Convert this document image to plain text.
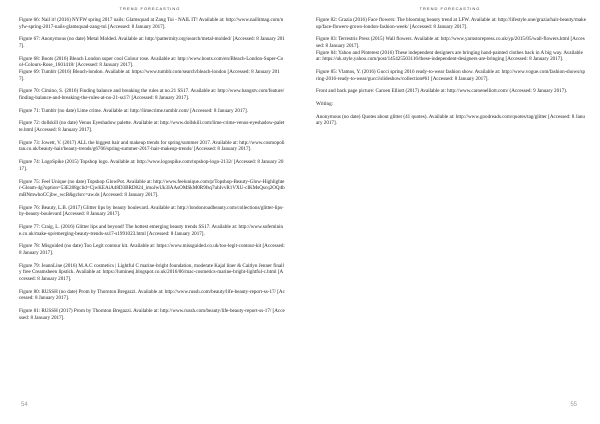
TREND FORECASTING

Figure 66: Nail it! (2016) NYFW spring 2017 nails: Glamsquad at Zang Toi - NAIL IT! Available at: http://www.nailitmag.com/nyfw-spring-2017-nails-glamsquad-zang-toi [Accessed: 8 January 2017].

Figure 67: Anonymous (no date) Metal Molded. Available at: http://pattermity.org/search/metal-molded/ [Accessed: 8 January 2017].

Figure 68: Boots (2016) Bleach London super cool Colour rose. Available at: http://www.boots.com/en/Bleach-London-Super-Cool-Colours-Rose_1601418/ [Accessed: 8 January 2017].

Figure 69: Tumblr (2016) Bleach-london. Available at: https://www.tumblr.com/search/bleach-london [Accessed: 8 January 2017].

Figure 70: Cimino, S. (2016) Finding balance and breaking the rules at no.21 SS17. Available at: http://www.bangstv.com/feature/finding-balance-and-breaking-the-rules-at-no-21-ss17/ [Accessed: 8 January 2017].

Figure 71: Tumblr (no date) Lime crime. Available at: http://limecrime.tumblr.com/ [Accessed: 8 January 2017].

Figure 72: dollskill (no date) Venus Eyeshadow palette. Available at: http://www.dollskill.com/lime-crime-venus-eyeshadow-palette.html [Accessed: 8 January 2017].

Figure 73: Jowett, V. (2017) ALL the biggest hair and makeup trends for spring/summer 2017. Available at: http://www.cosmopolitan.co.uk/beauty-hair/beauty-trends/g6706/spring-summer-2017-hair-makeup-trends/ [Accessed: 8 January 2017].

Figure 74: LogoSpike (2015) Topshop logo. Available at: http://www.logospike.com/topshop-logo-2132/ [Accessed: 8 January 2017].

Figure 75: Feel Unique (no date) Topshop GlowPot. Available at: http://www.feelunique.com/p/Topshop-Beauty-Glow-Highlighter-Gleam-4g?option=53E288gclid=CjwKEAiA48D3BRD824_imoJwUk3IAAsOMSkM0R9fsq7uhIvvR1VXU-cIKMsQscq2OQ4bmBNmwhoCCjbw_wcB&gclsrc=aw.ds [Accessed: 8 January 2017].

Figure 76: Beauty, L.B. (2017) Glitter lips by beauty boulevard. Available at: http://londonroadbeauty.com/collections/glitter-lips-by-beauty-boulevard [Accessed: 8 January 2017].

Figure 77: Craig, L. (2016) Glitter lips and beyond! The hottest emerging beauty trends SS17. Available at: http://www.sofeminine.co.uk/make-up/emerging-beauty-trends-ss17-s1991023.html [Accessed: 8 January 2017].

Figure 78: Misguided (no date) Too Legit contour kit. Available at: https://www.missguided.co.uk/too-legit-contour-kit [Accessed: 8 January 2017].

Figure 79: JeannLine (2016) M.A.C cosmetics | Lightful C marine-bright foundation, moderate Kajal liner & Caitlyn Jenner finally free Creamsheen lipstick. Available at: https://luminesj.blogspot.co.uk/2016/06/mac-cosmetics-marine-bright-lightful-c.html [Accessed: 8 January 2017].

Figure 80: RUSSH (no date) Prom by Thornton Bregazzi. Available at: http://www.russh.com/beauty/life-beauty-report-ss-17/ [Accessed: 8 January 2017].

Figure 81: RUSSH (2017) Prom by Thornton Bregazzi. Available at: http://www.russh.com/beauty/life-beauty-report-ss-17/ [Accessed: 8 January 2017].

54
TREND FORECASTING

Figure 82: Grazia (2016) Face flowers: The blooming beauty trend at LFW. Available at: http://lifestyle.one/grazia/hair-beauty/makeup/face-flowers-grows-london-fashion-week/ [Accessed: 8 January 2017].

Figure 83: Terrestris Press (2015) Wall flowers. Available at: http://www.yarnstorepress.co.uk/yp/2015/05/wall-flowers.html [Accessed: 8 January 2017].

Figure 84: Yahoo and Pinterest (2016) These independent designers are bringing hand-painted clothes back in A big way. Available at: https://uk.style.yahoo.com/post/145425503116/these-independent-designers-are-bringing [Accessed: 8 January 2017].

Figure 85: Vlamos, Y. (2016) Gucci spring 2016 ready-to-wear fashion show. Available at: http://www.vogue.com/fashion-shows/spring-2016-ready-to-wear/gucci/slideshow/collection#61 [Accessed: 8 January 2017].

Front and back page picture: Caroen Elliott (2017) Available at: http://www.caroenelliott.com/ (Accessed: 9 January 2017).

Writing:

Anonymous (no date) Quotes about glitter (41 quotes). Available at: http://www.goodreads.com/quotes/tag/glitter [Accessed: 8 January 2017].

55
